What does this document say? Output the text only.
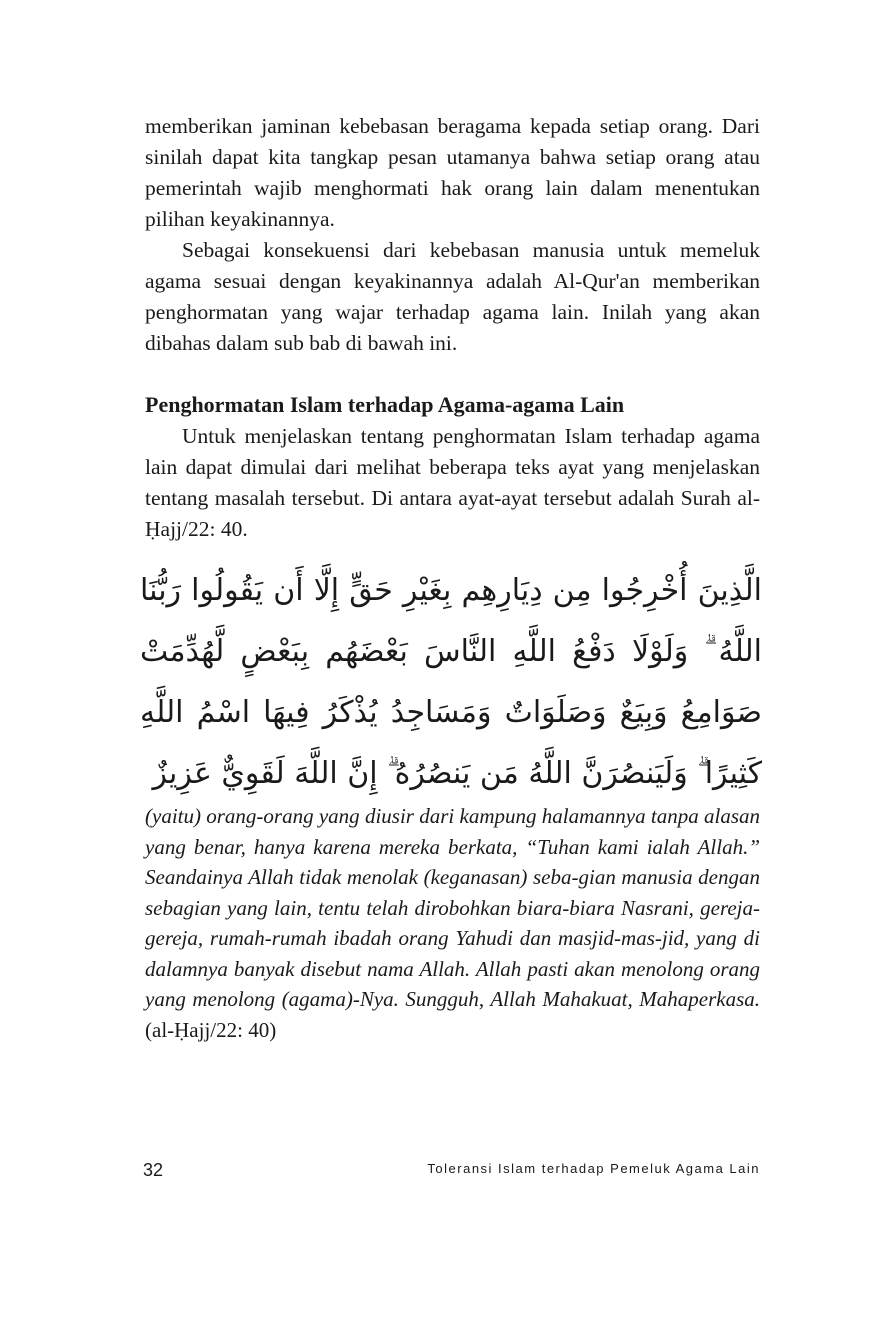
memberikan jaminan kebebasan beragama kepada setiap orang. Dari sinilah dapat kita tangkap pesan utamanya bahwa setiap orang atau pemerintah wajib menghormati hak orang lain dalam menentukan pilihan keyakinannya.

Sebagai konsekuensi dari kebebasan manusia untuk memeluk agama sesuai dengan keyakinannya adalah Al-Qur'an memberikan penghormatan yang wajar terhadap agama lain. Inilah yang akan dibahas dalam sub bab di bawah ini.

Penghormatan Islam terhadap Agama-agama Lain

Untuk menjelaskan tentang penghormatan Islam terhadap agama lain dapat dimulai dari melihat beberapa teks ayat yang menjelaskan tentang masalah tersebut. Di antara ayat-ayat tersebut adalah Surah al-Ḥajj/22: 40.

الَّذِينَ أُخْرِجُوا مِن دِيَارِهِم بِغَيْرِ حَقٍّ إِلَّا أَن يَقُولُوا رَبُّنَا اللَّهُ ۗ وَلَوْلَا دَفْعُ اللَّهِ النَّاسَ بَعْضَهُم بِبَعْضٍ لَّهُدِّمَتْ صَوَامِعُ وَبِيَعٌ وَصَلَوَاتٌ وَمَسَاجِدُ يُذْكَرُ فِيهَا اسْمُ اللَّهِ كَثِيرًا ۗ وَلَيَنصُرَنَّ اللَّهُ مَن يَنصُرُهُ ۗ إِنَّ اللَّهَ لَقَوِيٌّ عَزِيزٌ
(yaitu) orang-orang yang diusir dari kampung halamannya tanpa alasan yang benar, hanya karena mereka berkata, “Tuhan kami ialah Allah.” Seandainya Allah tidak menolak (keganasan) seba-gian manusia dengan sebagian yang lain, tentu telah dirobohkan biara-biara Nasrani, gereja-gereja, rumah-rumah ibadah orang Yahudi dan masjid-mas-jid, yang di dalamnya banyak disebut nama Allah. Allah pasti akan menolong orang yang menolong (agama)-Nya. Sungguh, Allah Mahakuat, Mahaperkasa. (al-Ḥajj/22: 40)
32	Toleransi Islam terhadap Pemeluk Agama Lain
